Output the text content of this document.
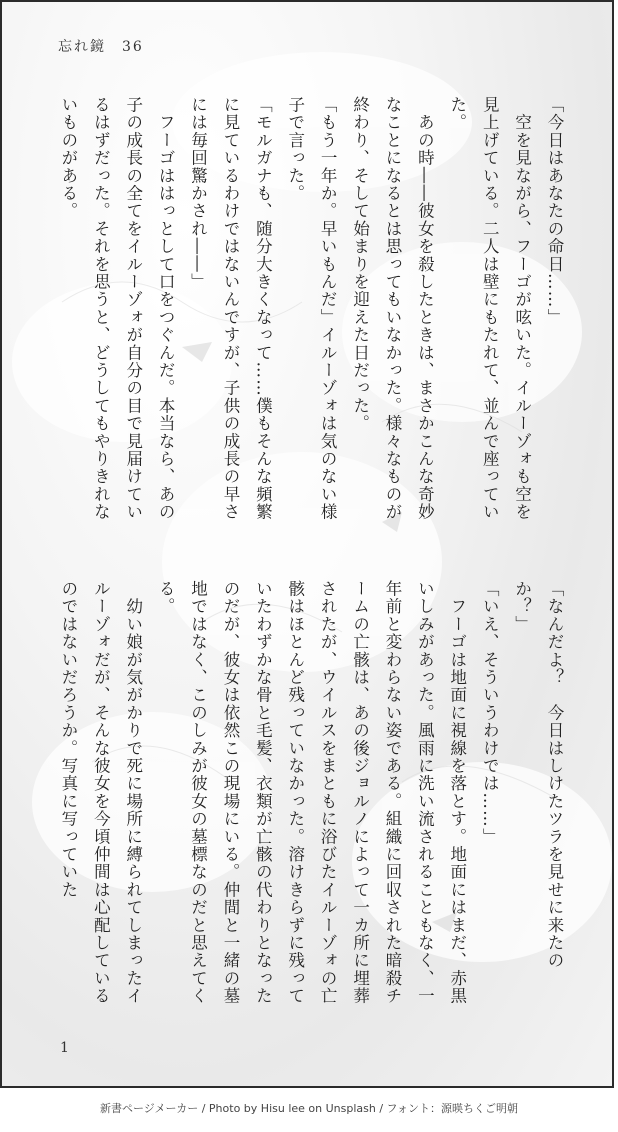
忘れ鏡　 36

「今日はあなたの命日……」

　空を見ながら、フーゴが呟いた。イルーゾォも空を見上げている。二人は壁にもたれて、並んで座っていた。

　あの時――彼女を殺したときは、まさかこんな奇妙なことになるとは思ってもいなかった。様々なものが終わり、そして始まりを迎えた日だった。

「もう一年か。早いもんだ」イルーゾォは気のない様子で言った。

「モルガナも、随分大きくなって……僕もそんな頻繁に見ているわけではないんですが、子供の成長の早さには毎回驚かされ――」

　フーゴははっとして口をつぐんだ。本当なら、あの子の成長の全てをイルーゾォが自分の目で見届けているはずだった。それを思うと、どうしてもやりきれないものがある。

「なんだよ？　今日はしけたツラを見せに来たのか？」

「いえ、そういうわけでは……」

　フーゴは地面に視線を落とす。地面にはまだ、赤黒いしみがあった。風雨に洗い流されることもなく、一年前と変わらない姿である。組織に回収された暗殺チームの亡骸は、あの後ジョルノによって一カ所に埋葬されたが、ウイルスをまともに浴びたイルーゾォの亡骸はほとんど残っていなかった。溶けきらずに残っていたわずかな骨と毛髪、衣類が亡骸の代わりとなったのだが、彼女は依然この現場にいる。仲間と一緒の墓地ではなく、このしみが彼女の墓標なのだと思えてくる。

　幼い娘が気がかりで死に場所に縛られてしまったイルーゾォだが、そんな彼女を今頃仲間は心配しているのではないだろうか。写真に写っていた

1
新書ページメーカー / Photo by Hisu lee on Unsplash / フォント：源暎ちくご明朝
